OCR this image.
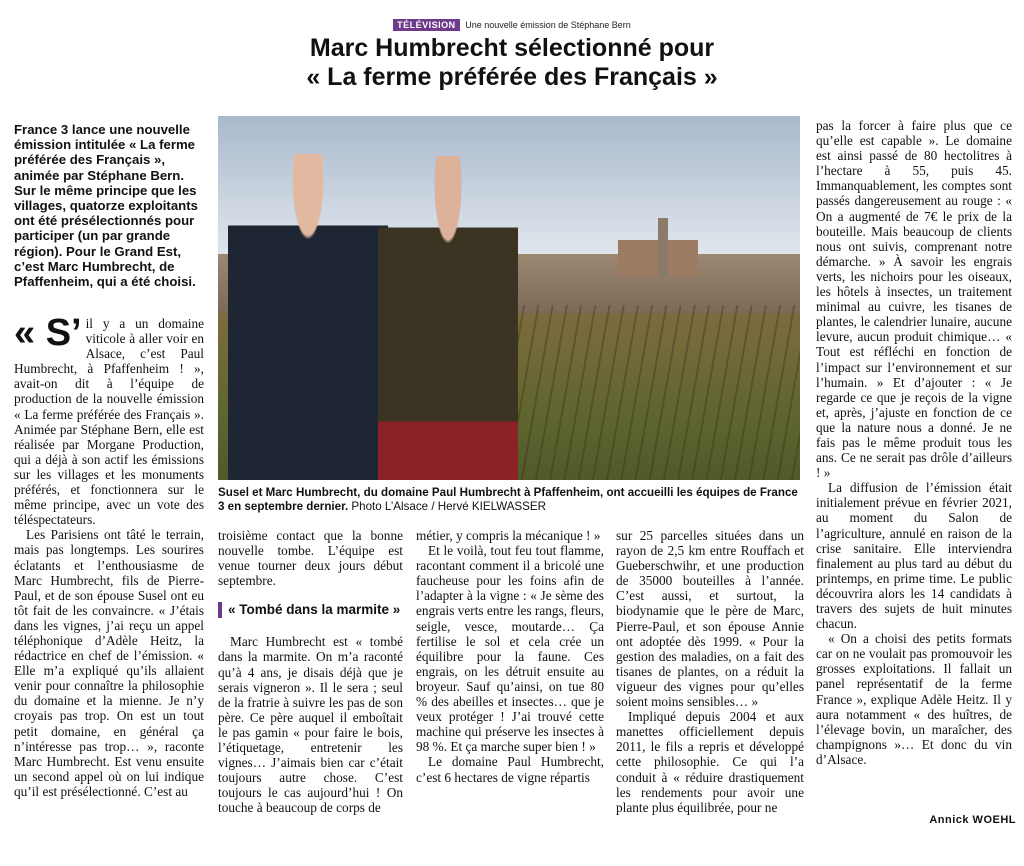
TÉLÉVISION Une nouvelle émission de Stéphane Bern
Marc Humbrecht sélectionné pour
« La ferme préférée des Français »
France 3 lance une nouvelle émission intitulée « La ferme préférée des Français », animée par Stéphane Bern. Sur le même principe que les villages, quatorze exploitants ont été présélectionnés pour participer (un par grande région). Pour le Grand Est, c’est Marc Humbrecht, de Pfaffenheim, qui a été choisi.
« S’ il y a un domaine viticole à aller voir en Alsace, c’est Paul Humbrecht, à Pfaffenheim ! », avait-on dit à l’équipe de production de la nouvelle émission « La ferme préférée des Français ». Animée par Stéphane Bern, elle est réalisée par Morgane Production, qui a déjà à son actif les émissions sur les villages et les monuments préférés, et fonctionnera sur le même principe, avec un vote des téléspectateurs.

Les Parisiens ont tâté le terrain, mais pas longtemps. Les sourires éclatants et l’enthousiasme de Marc Humbrecht, fils de Pierre-Paul, et de son épouse Susel ont eu tôt fait de les convaincre. « J’étais dans les vignes, j’ai reçu un appel téléphonique d’Adèle Heitz, la rédactrice en chef de l’émission. « Elle m’a expliqué qu’ils allaient venir pour connaître la philosophie du domaine et la mienne. Je n’y croyais pas trop. On est un tout petit domaine, en général ça n’intéresse pas trop… », raconte Marc Humbrecht. Est venu ensuite un second appel où on lui indique qu’il est présélectionné. C’est au

Susel et Marc Humbrecht, du domaine Paul Humbrecht à Pfaffenheim, ont accueilli les équipes de France 3 en septembre dernier. Photo L’Alsace / Hervé KIELWASSER

troisième contact que la bonne nouvelle tombe. L’équipe est venue tourner deux jours début septembre.

« Tombé dans la marmite »

Marc Humbrecht est « tombé dans la marmite. On m’a raconté qu’à 4 ans, je disais déjà que je serais vigneron ». Il le sera ; seul de la fratrie à suivre les pas de son père. Ce père auquel il emboîtait le pas gamin « pour faire le bois, l’étiquetage, entretenir les vignes… J’aimais bien car c’était toujours autre chose. C’est toujours le cas aujourd’hui ! On touche à beaucoup de corps de

métier, y compris la mécanique ! »

Et le voilà, tout feu tout flamme, racontant comment il a bricolé une faucheuse pour les foins afin de l’adapter à la vigne : « Je sème des engrais verts entre les rangs, fleurs, seigle, vesce, moutarde… Ça fertilise le sol et cela crée un équilibre pour la faune. Ces engrais, on les détruit ensuite au broyeur. Sauf qu’ainsi, on tue 80 % des abeilles et insectes… que je veux protéger ! J’ai trouvé cette machine qui préserve les insectes à 98 %. Et ça marche super bien ! »

Le domaine Paul Humbrecht, c’est 6 hectares de vigne répartis

sur 25 parcelles situées dans un rayon de 2,5 km entre Rouffach et Gueberschwihr, et une production de 35000 bouteilles à l’année. C’est aussi, et surtout, la biodynamie que le père de Marc, Pierre-Paul, et son épouse Annie ont adoptée dès 1999. « Pour la gestion des maladies, on a fait des tisanes de plantes, on a réduit la vigueur des vignes pour qu’elles soient moins sensibles… »

Impliqué depuis 2004 et aux manettes officiellement depuis 2011, le fils a repris et développé cette philosophie. Ce qui l’a conduit à « réduire drastiquement les rendements pour avoir une plante plus équilibrée, pour ne

pas la forcer à faire plus que ce qu’elle est capable ». Le domaine est ainsi passé de 80 hectolitres à l’hectare à 55, puis 45. Immanquablement, les comptes sont passés dangereusement au rouge : « On a augmenté de 7€ le prix de la bouteille. Mais beaucoup de clients nous ont suivis, comprenant notre démarche. » À savoir les engrais verts, les nichoirs pour les oiseaux, les hôtels à insectes, un traitement minimal au cuivre, les tisanes de plantes, le calendrier lunaire, aucune levure, aucun produit chimique… « Tout est réfléchi en fonction de l’impact sur l’environnement et sur l’humain. » Et d’ajouter : « Je regarde ce que je reçois de la vigne et, après, j’ajuste en fonction de ce que la nature nous a donné. Je ne fais pas le même produit tous les ans. Ce ne serait pas drôle d’ailleurs ! »

La diffusion de l’émission était initialement prévue en février 2021, au moment du Salon de l’agriculture, annulé en raison de la crise sanitaire. Elle interviendra finalement au plus tard au début du printemps, en prime time. Le public découvrira alors les 14 candidats à travers des sujets de huit minutes chacun.

« On a choisi des petits formats car on ne voulait pas promouvoir les grosses exploitations. Il fallait un panel représentatif de la ferme France », explique Adèle Heitz. Il y aura notamment « des huîtres, de l’élevage bovin, un maraîcher, des champignons »… Et donc du vin d’Alsace.

Annick WOEHL
